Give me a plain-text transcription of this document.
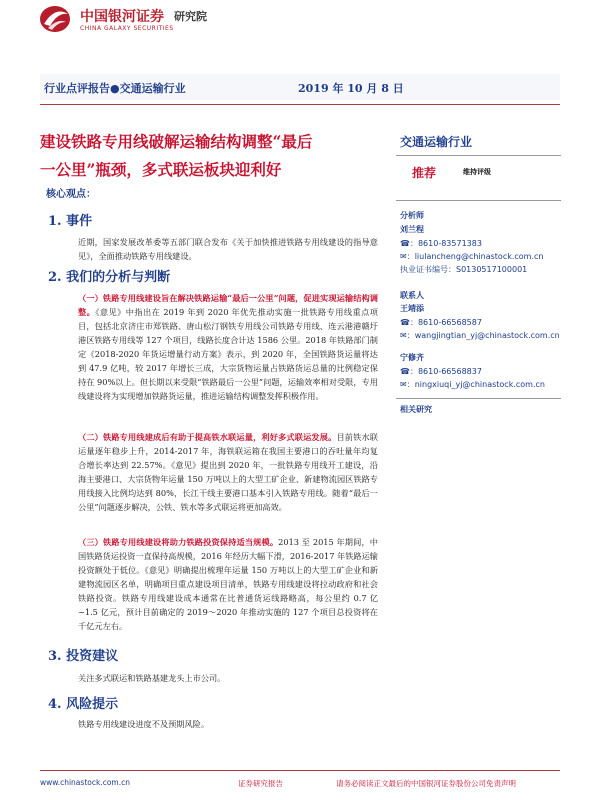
中国银河证券
CHINA GALAXY SECURITIES
研究院
行业点评报告●交通运输行业	2019 年 10 月 8 日
建设铁路专用线破解运输结构调整“最后
一公里”瓶颈，多式联运板块迎利好
核心观点：
交通运输行业
推荐	维持评级
分析师
刘兰程
☎：8610-83571383
✉：liulancheng@chinastock.com.cn
执业证书编号：S0130517100001
联系人
王靖添
☎：8610-66568587
✉：wangjingtian_yj@chinastock.com.cn
宁修齐
☎：8610-66568837
✉：ningxiuqi_yj@chinastock.com.cn
相关研究
1. 事件
近期，国家发展改革委等五部门联合发布《关于加快推进铁路专用线建设的指导意见》，全面推动铁路专用线建设。
2. 我们的分析与判断
（一）铁路专用线建设旨在解决铁路运输“最后一公里”问题，促进实现运输结构调整。《意见》中指出在 2019 年到 2020 年优先推动实施一批铁路专用线重点项目，包括北京济庄市郑铁路、唐山松汀钢铁专用线公司铁路专用线、连云港港赣圩港区铁路专用线等 127 个项目，线路长度合计达 1586 公里。2018 年铁路部门制定《2018-2020 年货运增量行动方案》表示，到 2020 年，全国铁路货运量将达到 47.9 亿吨，较 2017 年增长三成，大宗货物运量占铁路货运总量的比例稳定保持在 90%以上。但长期以来受限“铁路最后一公里”问题，运输效率相对受限，专用线建设将为实现增加铁路货运量，推进运输结构调整发挥积极作用。
（二）铁路专用线建成后有助于提高铁水联运量，利好多式联运发展。目前铁水联运量逐年稳步上升，2014-2017 年，海铁联运箱在我国主要港口的吞吐量年均复合增长率达到 22.57%。《意见》提出到 2020 年，一批铁路专用线开工建设，沿海主要港口、大宗货物年运量 150 万吨以上的大型工矿企业、新建物流园区铁路专用线接入比例均达到 80%，长江干线主要港口基本引入铁路专用线。随着“最后一公里”问题逐步解决，公铁、铁水等多式联运将更加高效。
（三）铁路专用线建设将助力铁路投资保持适当规模。2013 至 2015 年期间，中国铁路货运投资一直保持高规模，2016 年经历大幅下滑，2016-2017 年铁路运输投资额处于低位。《意见》明确提出梳理年运量 150 万吨以上的大型工矿企业和新建物流园区名单，明确项目重点建设项目清单，铁路专用线建设将拉动政府和社会铁路投资。铁路专用线建设成本通常在比普通货运线路略高，每公里约 0.7 亿~1.5 亿元，预计目前确定的 2019～2020 年推动实施的 127 个项目总投资将在千亿元左右。
3. 投资建议
关注多式联运和铁路基建龙头上市公司。
4. 风险提示
铁路专用线建设进度不及预期风险。
www.chinastock.com.cn	证券研究报告	请务必阅读正文最后的中国银河证券股份公司免责声明
